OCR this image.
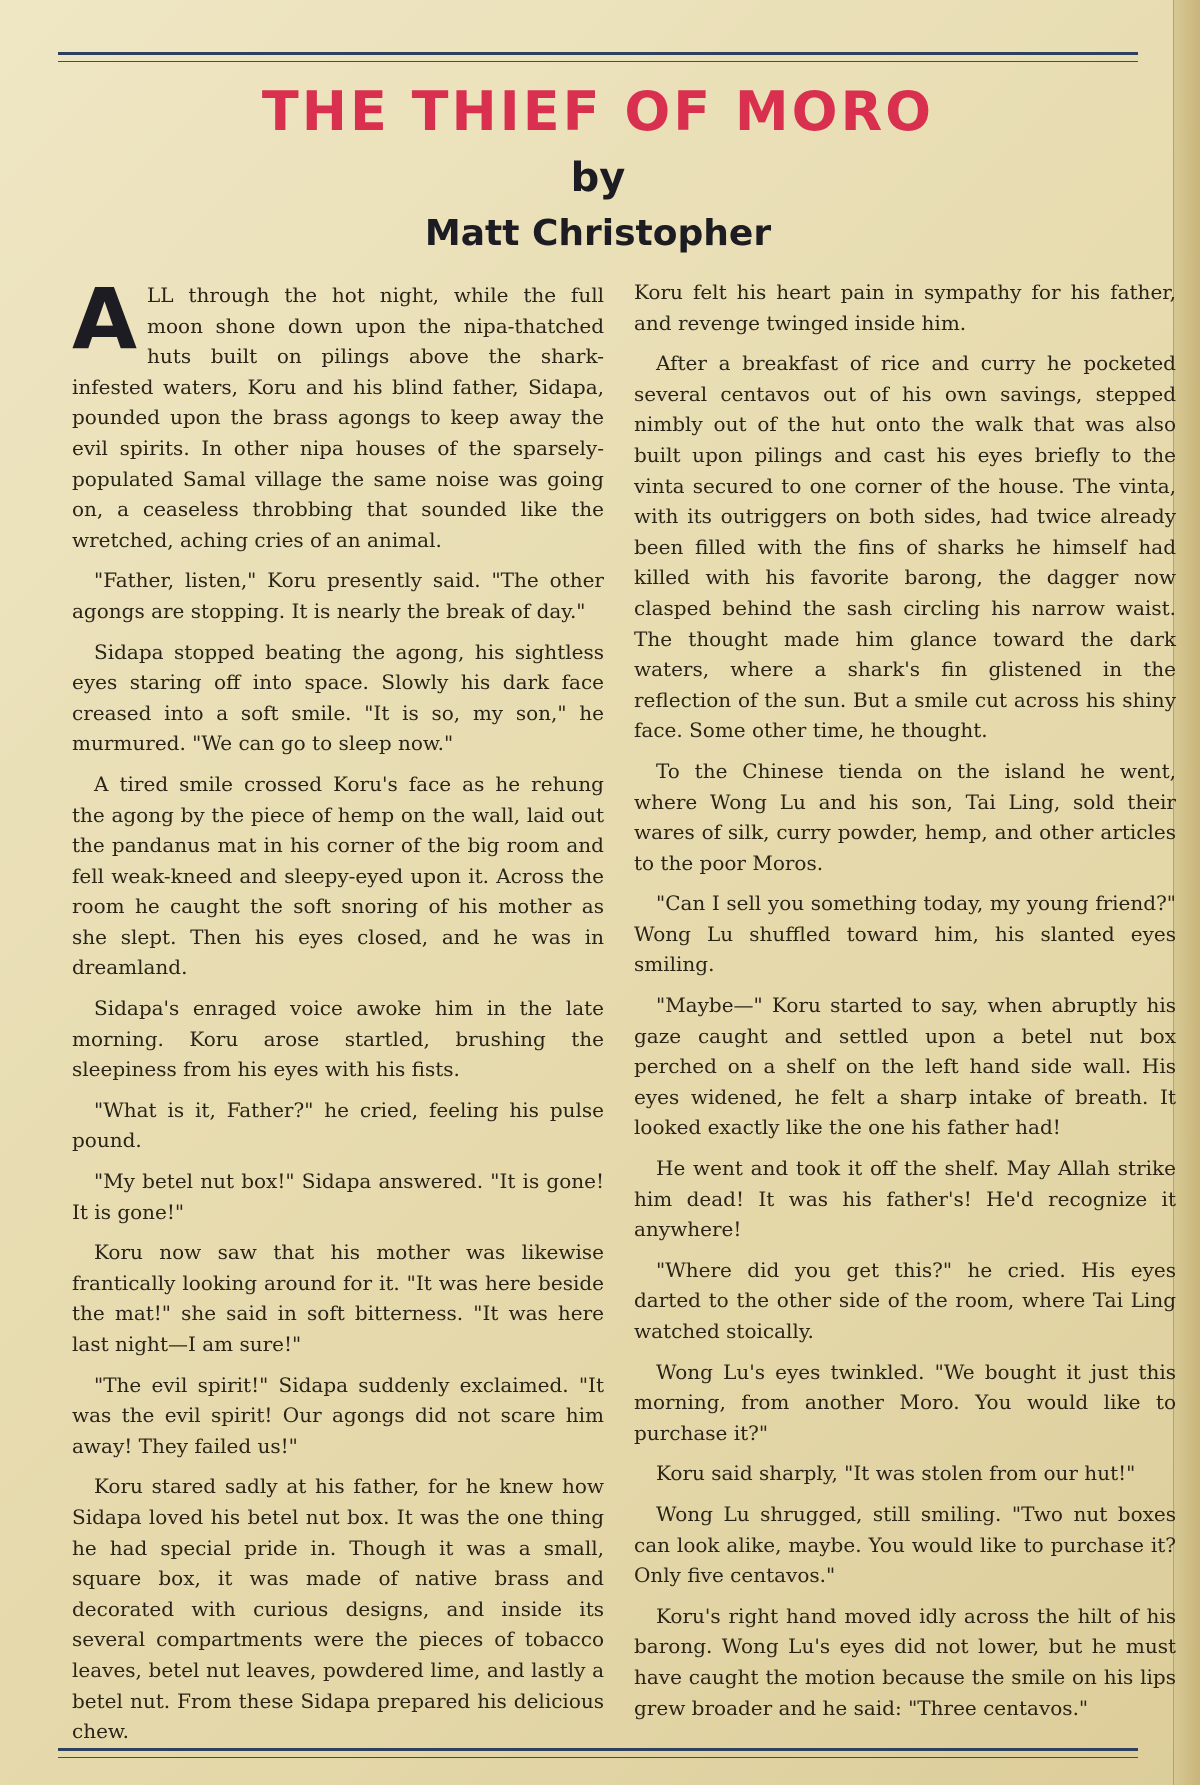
THE THIEF OF MORO
by
Matt Christopher

ALL through the hot night, while the full moon shone down upon the nipa-thatched huts built on pilings above the shark-infested waters, Koru and his blind father, Sidapa, pounded upon the brass agongs to keep away the evil spirits. In other nipa houses of the sparsely-populated Samal village the same noise was going on, a ceaseless throbbing that sounded like the wretched, aching cries of an animal.

"Father, listen," Koru presently said. "The other agongs are stopping. It is nearly the break of day."

Sidapa stopped beating the agong, his sightless eyes staring off into space. Slowly his dark face creased into a soft smile. "It is so, my son," he murmured. "We can go to sleep now."

A tired smile crossed Koru's face as he rehung the agong by the piece of hemp on the wall, laid out the pandanus mat in his corner of the big room and fell weak-kneed and sleepy-eyed upon it. Across the room he caught the soft snoring of his mother as she slept. Then his eyes closed, and he was in dreamland.

Sidapa's enraged voice awoke him in the late morning. Koru arose startled, brushing the sleepiness from his eyes with his fists.

"What is it, Father?" he cried, feeling his pulse pound.

"My betel nut box!" Sidapa answered. "It is gone! It is gone!"

Koru now saw that his mother was likewise frantically looking around for it. "It was here beside the mat!" she said in soft bitterness. "It was here last night—I am sure!"

"The evil spirit!" Sidapa suddenly exclaimed. "It was the evil spirit! Our agongs did not scare him away! They failed us!"

Koru stared sadly at his father, for he knew how Sidapa loved his betel nut box. It was the one thing he had special pride in. Though it was a small, square box, it was made of native brass and decorated with curious designs, and inside its several compartments were the pieces of tobacco leaves, betel nut leaves, powdered lime, and lastly a betel nut. From these Sidapa prepared his delicious chew.

Koru felt his heart pain in sympathy for his father, and revenge twinged inside him.

After a breakfast of rice and curry he pocketed several centavos out of his own savings, stepped nimbly out of the hut onto the walk that was also built upon pilings and cast his eyes briefly to the vinta secured to one corner of the house. The vinta, with its outriggers on both sides, had twice already been filled with the fins of sharks he himself had killed with his favorite barong, the dagger now clasped behind the sash circling his narrow waist. The thought made him glance toward the dark waters, where a shark's fin glistened in the reflection of the sun. But a smile cut across his shiny face. Some other time, he thought.

To the Chinese tienda on the island he went, where Wong Lu and his son, Tai Ling, sold their wares of silk, curry powder, hemp, and other articles to the poor Moros.

"Can I sell you something today, my young friend?" Wong Lu shuffled toward him, his slanted eyes smiling.

"Maybe—" Koru started to say, when abruptly his gaze caught and settled upon a betel nut box perched on a shelf on the left hand side wall. His eyes widened, he felt a sharp intake of breath. It looked exactly like the one his father had!

He went and took it off the shelf. May Allah strike him dead! It was his father's! He'd recognize it anywhere!

"Where did you get this?" he cried. His eyes darted to the other side of the room, where Tai Ling watched stoically.

Wong Lu's eyes twinkled. "We bought it just this morning, from another Moro. You would like to purchase it?"

Koru said sharply, "It was stolen from our hut!"

Wong Lu shrugged, still smiling. "Two nut boxes can look alike, maybe. You would like to purchase it? Only five centavos."

Koru's right hand moved idly across the hilt of his barong. Wong Lu's eyes did not lower, but he must have caught the motion because the smile on his lips grew broader and he said: "Three centavos."
